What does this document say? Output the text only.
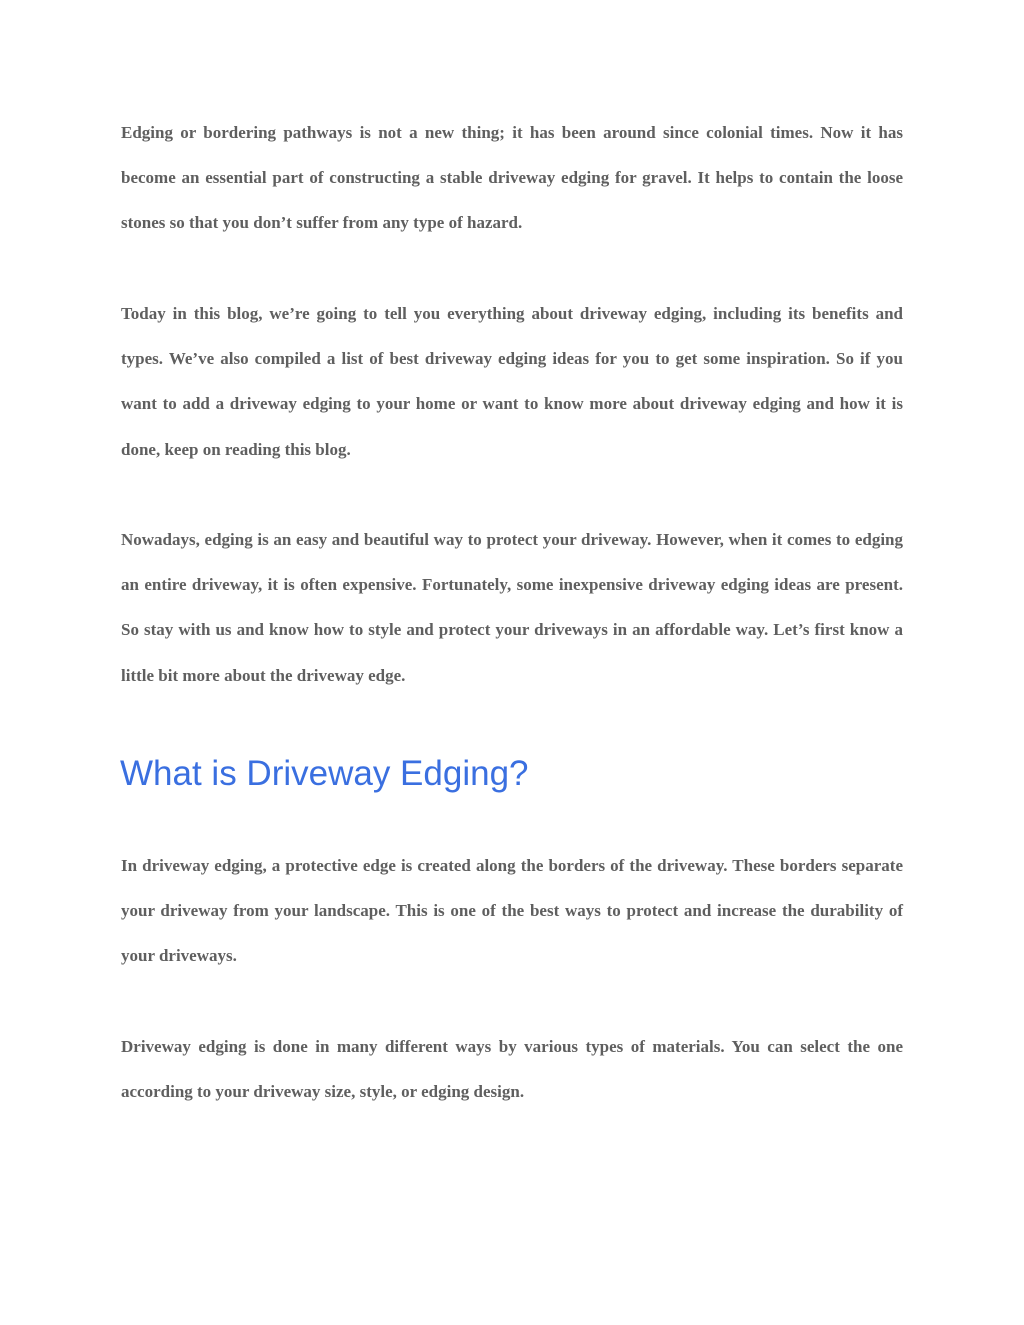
Edging or bordering pathways is not a new thing; it has been around since colonial times. Now it has become an essential part of constructing a stable driveway edging for gravel. It helps to contain the loose stones so that you don’t suffer from any type of hazard.

Today in this blog, we’re going to tell you everything about driveway edging, including its benefits and types. We’ve also compiled a list of best driveway edging ideas for you to get some inspiration. So if you want to add a driveway edging to your home or want to know more about driveway edging and how it is done, keep on reading this blog.

Nowadays, edging is an easy and beautiful way to protect your driveway. However, when it comes to edging an entire driveway, it is often expensive. Fortunately, some inexpensive driveway edging ideas are present. So stay with us and know how to style and protect your driveways in an affordable way. Let’s first know a little bit more about the driveway edge.

What is Driveway Edging?

In driveway edging, a protective edge is created along the borders of the driveway. These borders separate your driveway from your landscape. This is one of the best ways to protect and increase the durability of your driveways.

Driveway edging is done in many different ways by various types of materials. You can select the one according to your driveway size, style, or edging design.
